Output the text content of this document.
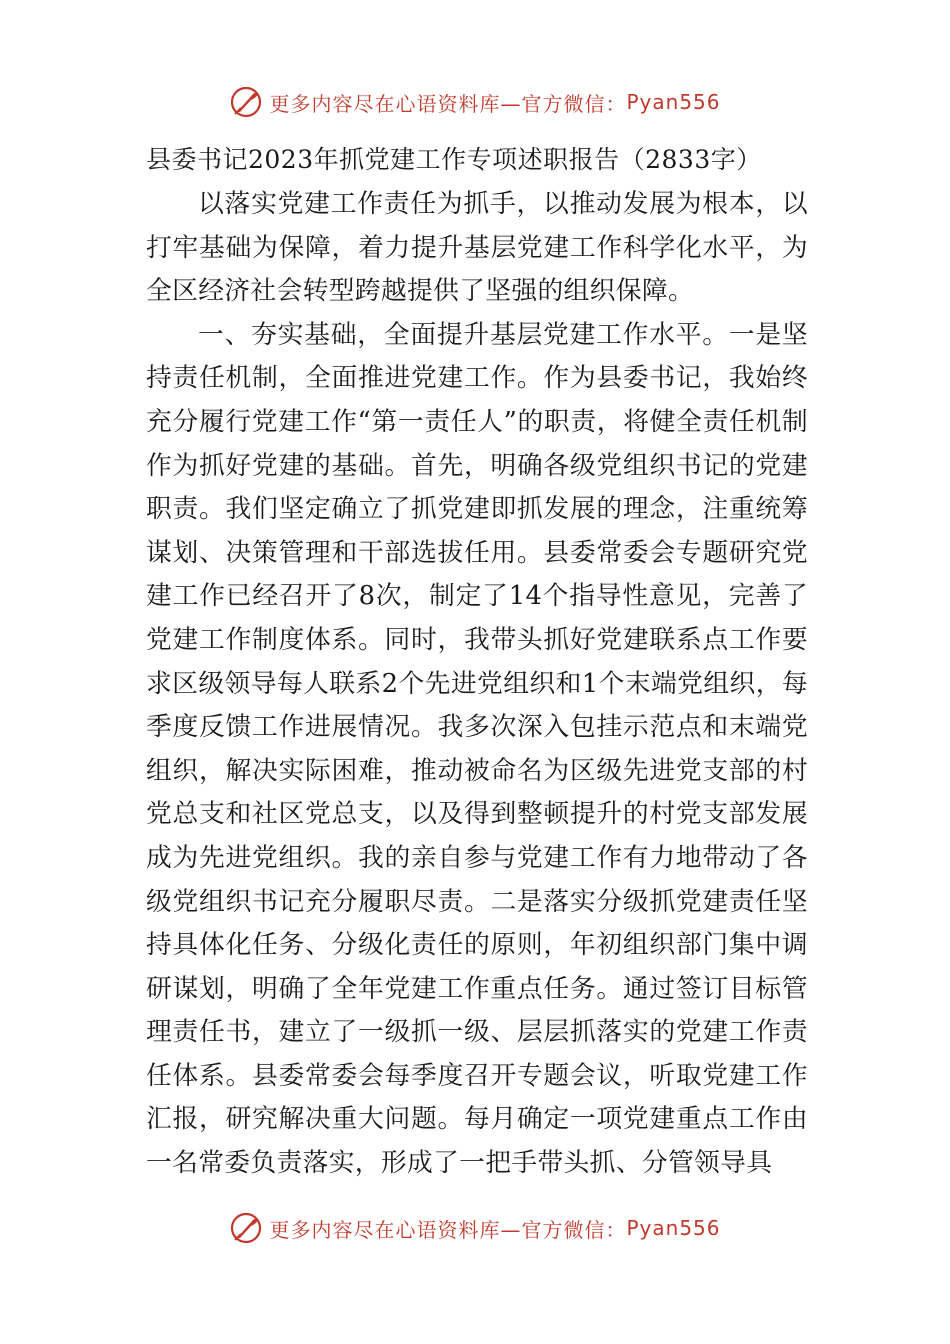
更多内容尽在心语资料库—官方微信： Pyan556
县委书记2023年抓党建工作专项述职报告（2833字）

以落实党建工作责任为抓手，以推动发展为根本，以打牢基础为保障，着力提升基层党建工作科学化水平，为全区经济社会转型跨越提供了坚强的组织保障。

一、夯实基础，全面提升基层党建工作水平。一是坚持责任机制，全面推进党建工作。作为县委书记，我始终充分履行党建工作“第一责任人”的职责，将健全责任机制作为抓好党建的基础。首先，明确各级党组织书记的党建职责。我们坚定确立了抓党建即抓发展的理念，注重统筹谋划、决策管理和干部选拔任用。县委常委会专题研究党建工作已经召开了8次，制定了14个指导性意见，完善了党建工作制度体系。同时，我带头抓好党建联系点工作要求区级领导每人联系2个先进党组织和1个末端党组织，每季度反馈工作进展情况。我多次深入包挂示范点和末端党组织，解决实际困难，推动被命名为区级先进党支部的村党总支和社区党总支，以及得到整顿提升的村党支部发展成为先进党组织。我的亲自参与党建工作有力地带动了各级党组织书记充分履职尽责。二是落实分级抓党建责任坚持具体化任务、分级化责任的原则，年初组织部门集中调研谋划，明确了全年党建工作重点任务。通过签订目标管理责任书，建立了一级抓一级、层层抓落实的党建工作责任体系。县委常委会每季度召开专题会议，听取党建工作汇报，研究解决重大问题。每月确定一项党建重点工作由一名常委负责落实，形成了一把手带头抓、分管领导具

更多内容尽在心语资料库—官方微信： Pyan556
